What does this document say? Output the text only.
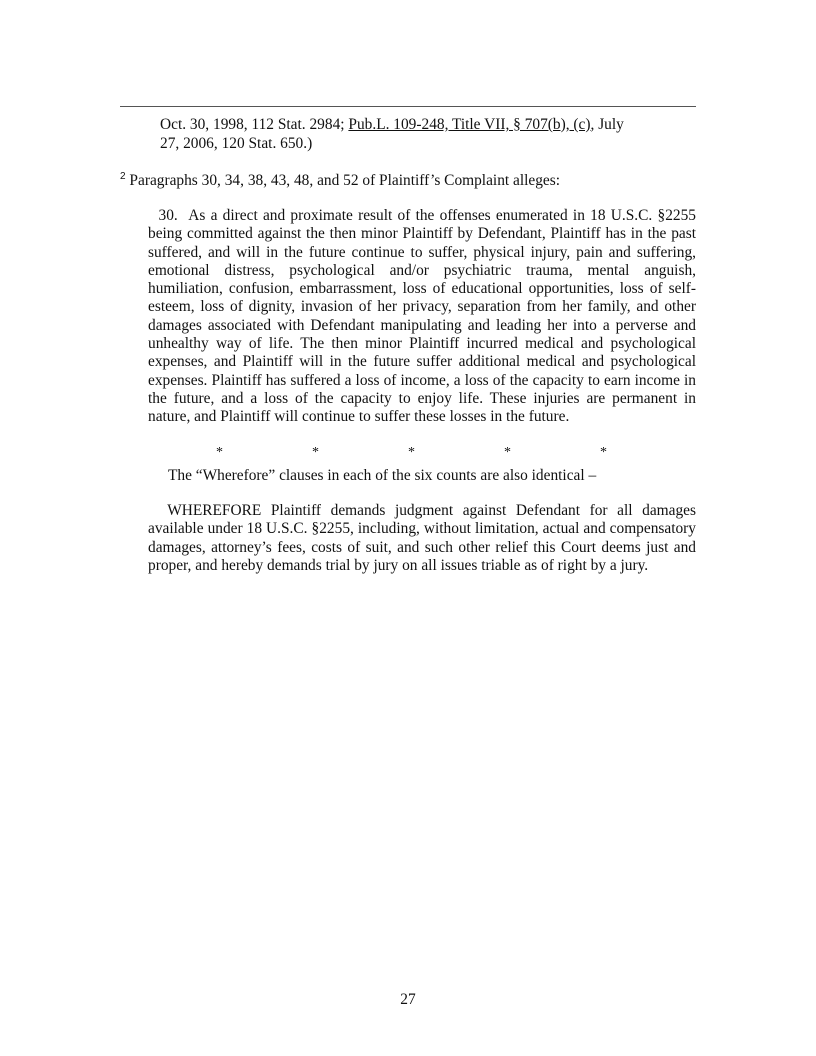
Oct. 30, 1998, 112 Stat. 2984; Pub.L. 109-248, Title VII, § 707(b), (c), July
27, 2006, 120 Stat. 650.)
$^2$ Paragraphs 30, 34, 38, 43, 48, and 52 of Plaintiff’s Complaint alleges:
30. As a direct and proximate result of the offenses enumerated in 18 U.S.C. §2255 being committed against the then minor Plaintiff by Defendant, Plaintiff has in the past suffered, and will in the future continue to suffer, physical injury, pain and suffering, emotional distress, psychological and/or psychiatric trauma, mental anguish, humiliation, confusion, embarrassment, loss of educational opportunities, loss of self-esteem, loss of dignity, invasion of her privacy, separation from her family, and other damages associated with Defendant manipulating and leading her into a perverse and unhealthy way of life. The then minor Plaintiff incurred medical and psychological expenses, and Plaintiff will in the future suffer additional medical and psychological expenses. Plaintiff has suffered a loss of income, a loss of the capacity to earn income in the future, and a loss of the capacity to enjoy life. These injuries are permanent in nature, and Plaintiff will continue to suffer these losses in the future.
*	*	*	*	*
The “Wherefore” clauses in each of the six counts are also identical –
WHEREFORE Plaintiff demands judgment against Defendant for all damages available under 18 U.S.C. §2255, including, without limitation, actual and compensatory damages, attorney’s fees, costs of suit, and such other relief this Court deems just and proper, and hereby demands trial by jury on all issues triable as of right by a jury.
27
